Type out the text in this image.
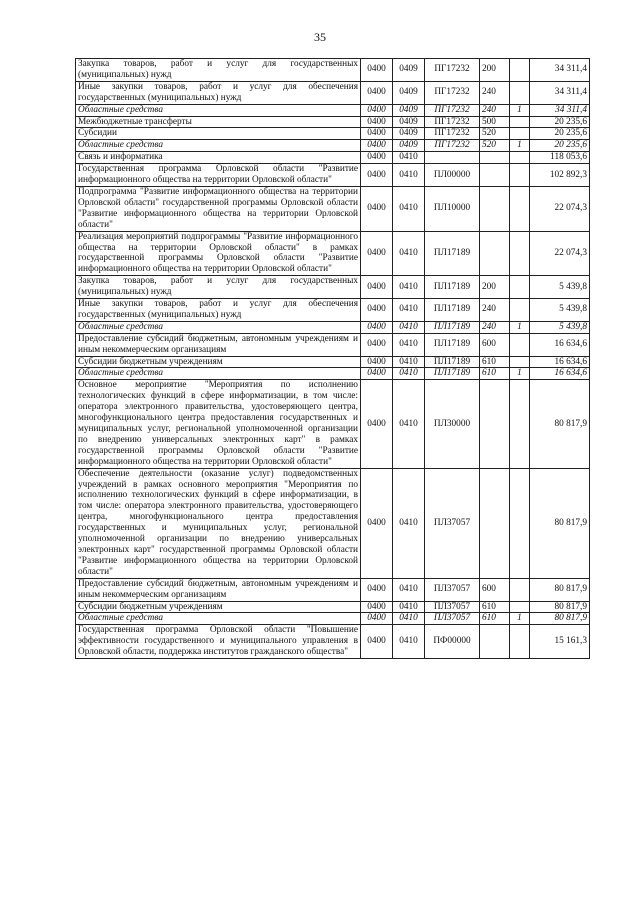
35
Закупка товаров, работ и услуг для государственных (муниципальных) нужд	0400	0409	ПГ17232	200		34 311,4
Иные закупки товаров, работ и услуг для обеспечения государственных (муниципальных) нужд	0400	0409	ПГ17232	240		34 311,4
Областные средства	0400	0409	ПГ17232	240	1	34 311,4
Межбюджетные трансферты	0400	0409	ПГ17232	500		20 235,6
Субсидии	0400	0409	ПГ17232	520		20 235,6
Областные средства	0400	0409	ПГ17232	520	1	20 235,6
Связь и информатика	0400	0410				118 053,6
Государственная программа Орловской области "Развитие информационного общества на территории Орловской области"	0400	0410	ПЛ00000			102 892,3
Подпрограмма "Развитие информационного общества на территории Орловской области" государственной программы Орловской области "Развитие информационного общества на территории Орловской области"	0400	0410	ПЛ10000			22 074,3
Реализация мероприятий подпрограммы "Развитие информационного общества на территории Орловской области" в рамках государственной программы Орловской области "Развитие информационного общества на территории Орловской области"	0400	0410	ПЛ17189			22 074,3
Закупка товаров, работ и услуг для государственных (муниципальных) нужд	0400	0410	ПЛ17189	200		5 439,8
Иные закупки товаров, работ и услуг для обеспечения государственных (муниципальных) нужд	0400	0410	ПЛ17189	240		5 439,8
Областные средства	0400	0410	ПЛ17189	240	1	5 439,8
Предоставление субсидий бюджетным, автономным учреждениям и иным некоммерческим организациям	0400	0410	ПЛ17189	600		16 634,6
Субсидии бюджетным учреждениям	0400	0410	ПЛ17189	610		16 634,6
Областные средства	0400	0410	ПЛ17189	610	1	16 634,6
Основное мероприятие "Мероприятия по исполнению технологических функций в сфере информатизации, в том числе: оператора электронного правительства, удостоверяющего центра, многофункционального центра предоставления государственных и муниципальных услуг, региональной уполномоченной организации по внедрению универсальных электронных карт" в рамках государственной программы Орловской области "Развитие информационного общества на территории Орловской области"	0400	0410	ПЛ30000			80 817,9
Обеспечение деятельности (оказание услуг) подведомственных учреждений в рамках основного мероприятия "Мероприятия по исполнению технологических функций в сфере информатизации, в том числе: оператора электронного правительства, удостоверяющего центра, многофункционального центра предоставления государственных и муниципальных услуг, региональной уполномоченной организации по внедрению универсальных электронных карт" государственной программы Орловской области "Развитие информационного общества на территории Орловской области"	0400	0410	ПЛ37057			80 817,9
Предоставление субсидий бюджетным, автономным учреждениям и иным некоммерческим организациям	0400	0410	ПЛ37057	600		80 817,9
Субсидии бюджетным учреждениям	0400	0410	ПЛ37057	610		80 817,9
Областные средства	0400	0410	ПЛ37057	610	1	80 817,9
Государственная программа Орловской области "Повышение эффективности государственного и муниципального управления в Орловской области, поддержка институтов гражданского общества"	0400	0410	ПФ00000			15 161,3
